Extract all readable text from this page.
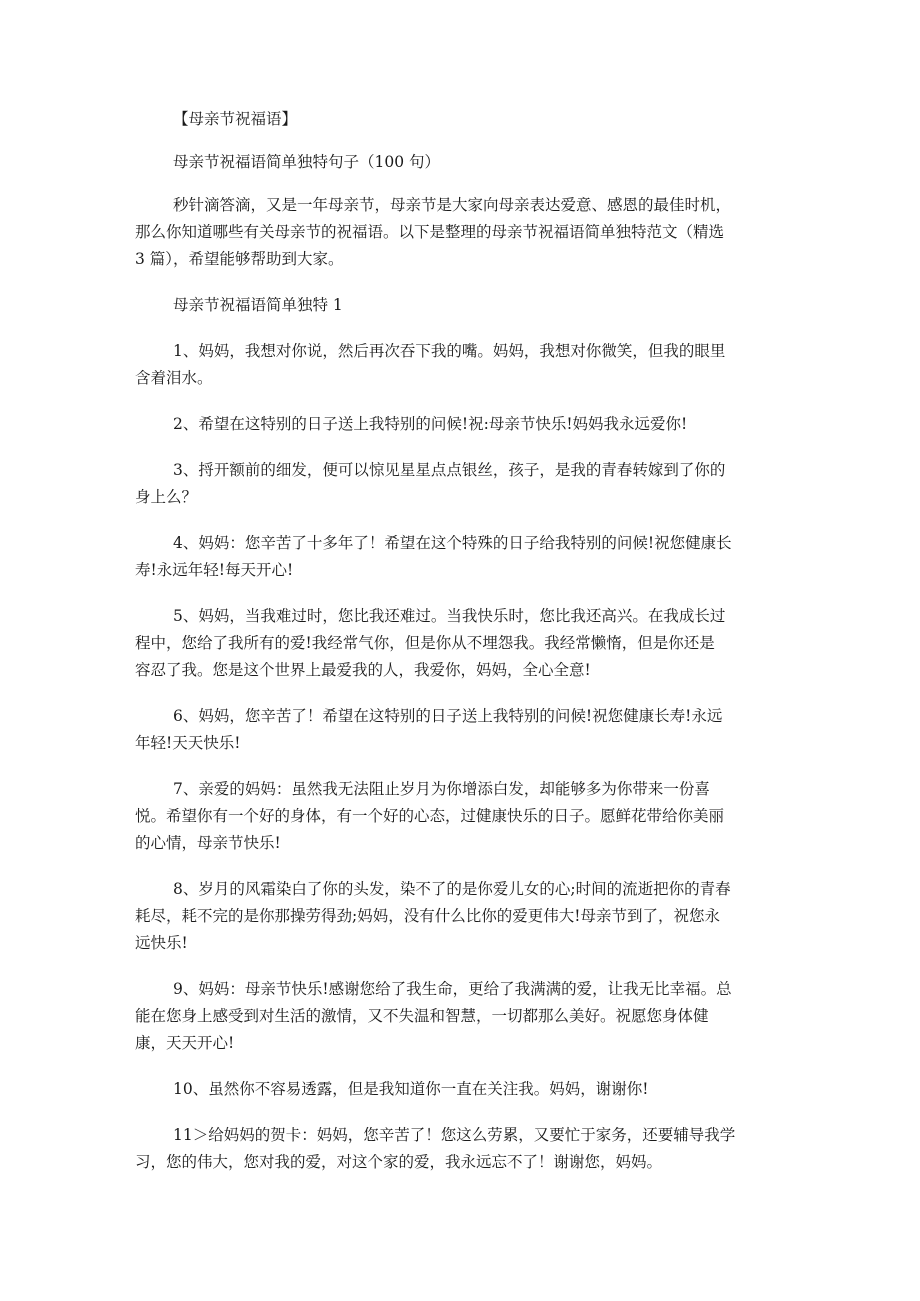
【母亲节祝福语】

母亲节祝福语简单独特句子（100 句）

秒针滴答滴，又是一年母亲节，母亲节是大家向母亲表达爱意、感恩的最佳时机，

那么你知道哪些有关母亲节的祝福语。以下是整理的母亲节祝福语简单独特范文（精选

3 篇），希望能够帮助到大家。

母亲节祝福语简单独特 1

1、妈妈，我想对你说，然后再次吞下我的嘴。妈妈，我想对你微笑，但我的眼里

含着泪水。

2、希望在这特别的日子送上我特别的问候!祝:母亲节快乐!妈妈我永远爱你!

3、捋开额前的细发，便可以惊见星星点点银丝，孩子，是我的青春转嫁到了你的

身上么？

4、妈妈：您辛苦了十多年了！希望在这个特殊的日子给我特别的问候!祝您健康长

寿!永远年轻!每天开心!

5、妈妈，当我难过时，您比我还难过。当我快乐时，您比我还高兴。在我成长过

程中，您给了我所有的爱!我经常气你，但是你从不埋怨我。我经常懒惰，但是你还是

容忍了我。您是这个世界上最爱我的人，我爱你，妈妈，全心全意!

6、妈妈，您辛苦了！希望在这特别的日子送上我特别的问候!祝您健康长寿!永远

年轻!天天快乐!

7、亲爱的妈妈：虽然我无法阻止岁月为你增添白发，却能够多为你带来一份喜

悦。希望你有一个好的身体，有一个好的心态，过健康快乐的日子。愿鲜花带给你美丽

的心情，母亲节快乐!

8、岁月的风霜染白了你的头发，染不了的是你爱儿女的心;时间的流逝把你的青春

耗尽，耗不完的是你那操劳得劲;妈妈，没有什么比你的爱更伟大!母亲节到了，祝您永

远快乐!

9、妈妈：母亲节快乐!感谢您给了我生命，更给了我满满的爱，让我无比幸福。总

能在您身上感受到对生活的激情，又不失温和智慧，一切都那么美好。祝愿您身体健

康，天天开心!

10、虽然你不容易透露，但是我知道你一直在关注我。妈妈，谢谢你!

11＞给妈妈的贺卡：妈妈，您辛苦了！您这么劳累，又要忙于家务，还要辅导我学

习，您的伟大，您对我的爱，对这个家的爱，我永远忘不了！谢谢您，妈妈。
